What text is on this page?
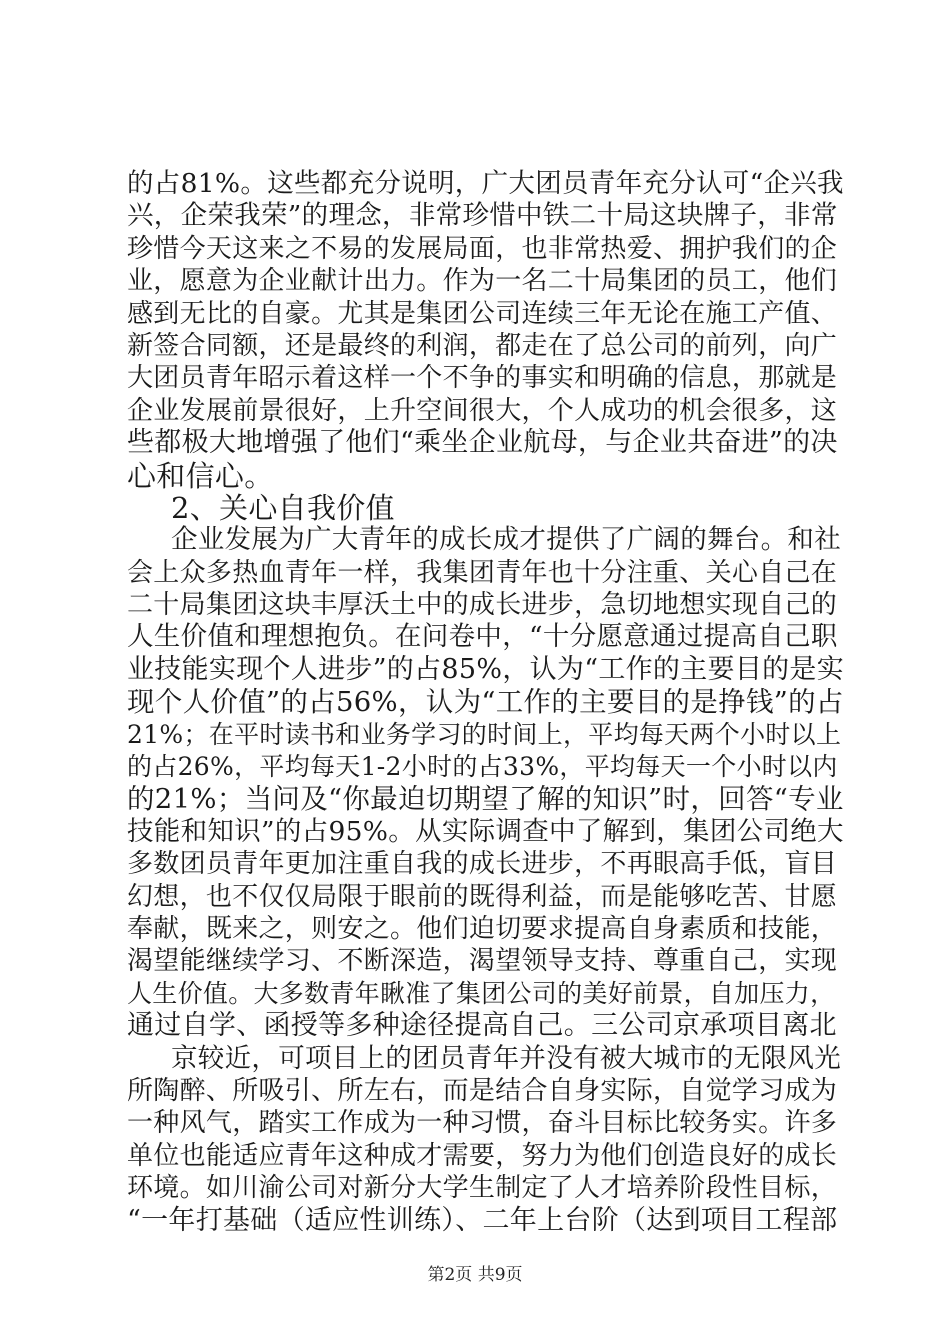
的占81%。这些都充分说明，广大团员青年充分认可“企兴我
兴，企荣我荣”的理念，非常珍惜中铁二十局这块牌子，非常
珍惜今天这来之不易的发展局面，也非常热爱、拥护我们的企
业，愿意为企业献计出力。作为一名二十局集团的员工，他们
感到无比的自豪。尤其是集团公司连续三年无论在施工产值、
新签合同额，还是最终的利润，都走在了总公司的前列，向广
大团员青年昭示着这样一个不争的事实和明确的信息，那就是
企业发展前景很好，上升空间很大，个人成功的机会很多，这
些都极大地增强了他们“乘坐企业航母，与企业共奋进”的决
心和信心。
2、关心自我价值
企业发展为广大青年的成长成才提供了广阔的舞台。和社
会上众多热血青年一样，我集团青年也十分注重、关心自己在
二十局集团这块丰厚沃土中的成长进步，急切地想实现自己的
人生价值和理想抱负。在问卷中，“十分愿意通过提高自己职
业技能实现个人进步”的占85%，认为“工作的主要目的是实
现个人价值”的占56%，认为“工作的主要目的是挣钱”的占
21%；在平时读书和业务学习的时间上，平均每天两个小时以上
的占26%，平均每天1-2小时的占33%，平均每天一个小时以内
的21%；当问及“你最迫切期望了解的知识”时，回答“专业
技能和知识”的占95%。从实际调查中了解到，集团公司绝大
多数团员青年更加注重自我的成长进步，不再眼高手低，盲目
幻想，也不仅仅局限于眼前的既得利益，而是能够吃苦、甘愿
奉献，既来之，则安之。他们迫切要求提高自身素质和技能，
渴望能继续学习、不断深造，渴望领导支持、尊重自己，实现
人生价值。大多数青年瞅准了集团公司的美好前景，自加压力，
通过自学、函授等多种途径提高自己。三公司京承项目离北
京较近，可项目上的团员青年并没有被大城市的无限风光
所陶醉、所吸引、所左右，而是结合自身实际，自觉学习成为
一种风气，踏实工作成为一种习惯，奋斗目标比较务实。许多
单位也能适应青年这种成才需要，努力为他们创造良好的成长
环境。如川渝公司对新分大学生制定了人才培养阶段性目标，
“一年打基础（适应性训练）、二年上台阶（达到项目工程部
第2页 共9页
